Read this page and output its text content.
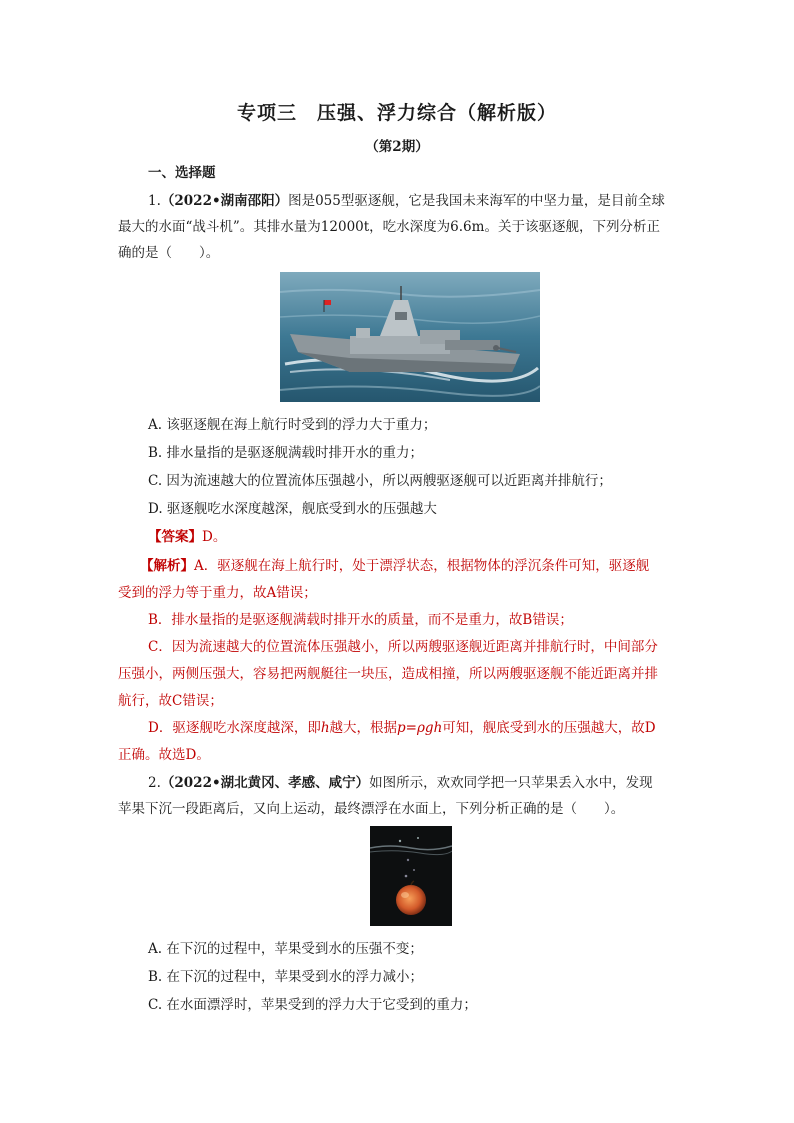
专项三　压强、浮力综合（解析版）
（第2期）
一、选择题
1.（2022•湖南邵阳）图是055型驱逐舰，它是我国未来海军的中坚力量，是目前全球
最大的水面“战斗机”。其排水量为12000t，吃水深度为6.6m。关于该驱逐舰，下列分析正
确的是（　　）。
A. 该驱逐舰在海上航行时受到的浮力大于重力；
B. 排水量指的是驱逐舰满载时排开水的重力；
C. 因为流速越大的位置流体压强越小，所以两艘驱逐舰可以近距离并排航行；
D. 驱逐舰吃水深度越深，舰底受到水的压强越大
【答案】D。
【解析】A．驱逐舰在海上航行时，处于漂浮状态，根据物体的浮沉条件可知，驱逐舰
受到的浮力等于重力，故A错误；
B．排水量指的是驱逐舰满载时排开水的质量，而不是重力，故B错误；
C．因为流速越大的位置流体压强越小，所以两艘驱逐舰近距离并排航行时，中间部分
压强小，两侧压强大，容易把两舰艇往一块压，造成相撞，所以两艘驱逐舰不能近距离并排
航行，故C错误；
D．驱逐舰吃水深度越深，即h越大，根据p=ρgh可知，舰底受到水的压强越大，故D
正确。故选D。
2.（2022•湖北黄冈、孝感、咸宁）如图所示，欢欢同学把一只苹果丢入水中，发现
苹果下沉一段距离后，又向上运动，最终漂浮在水面上，下列分析正确的是（　　）。
A. 在下沉的过程中，苹果受到水的压强不变；
B. 在下沉的过程中，苹果受到水的浮力减小；
C. 在水面漂浮时，苹果受到的浮力大于它受到的重力；
